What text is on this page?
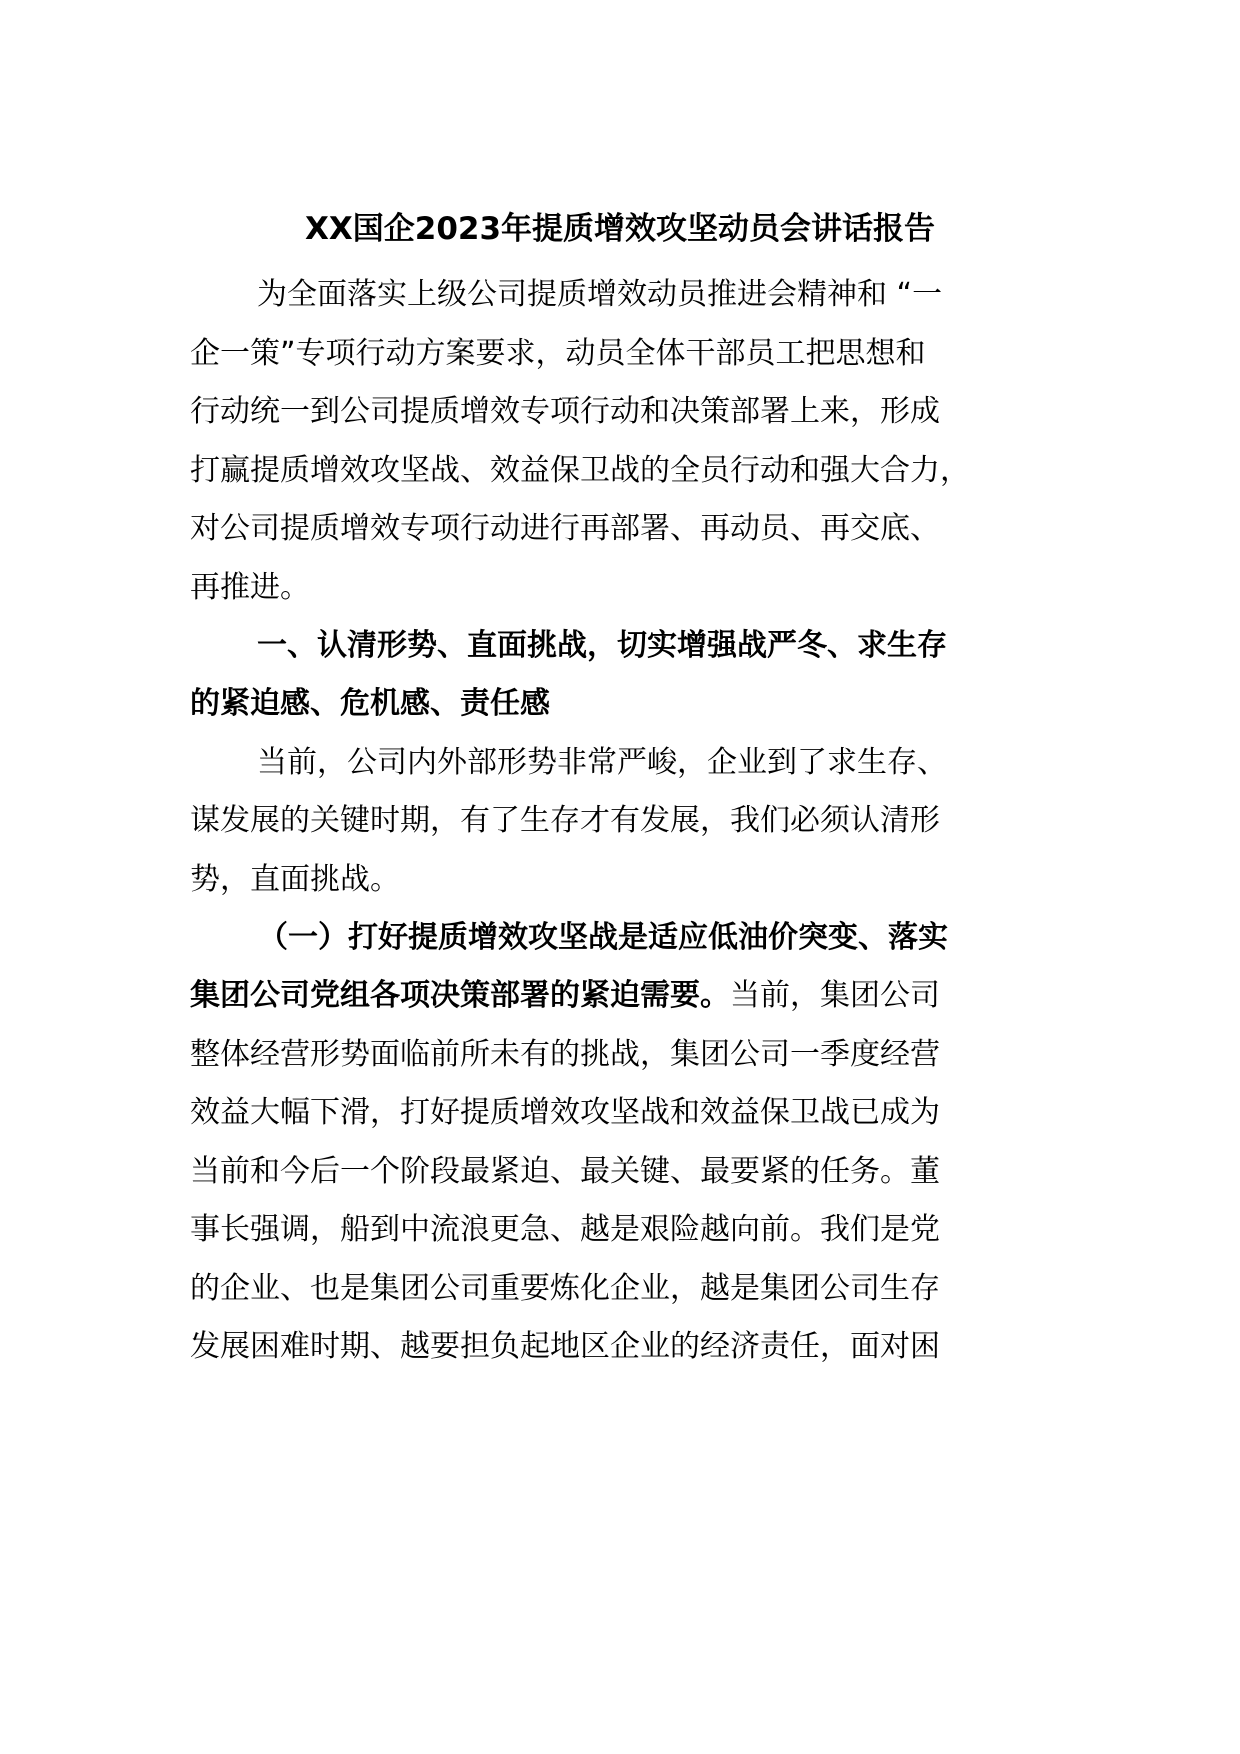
XX国企2023年提质增效攻坚动员会讲话报告
为全面落实上级公司提质增效动员推进会精神和 “一
企一策”专项行动方案要求，动员全体干部员工把思想和
行动统一到公司提质增效专项行动和决策部署上来，形成
打赢提质增效攻坚战、效益保卫战的全员行动和强大合力，
对公司提质增效专项行动进行再部署、再动员、再交底、
再推进。
一、认清形势、直面挑战，切实增强战严冬、求生存
的紧迫感、危机感、责任感
当前，公司内外部形势非常严峻，企业到了求生存、
谋发展的关键时期，有了生存才有发展，我们必须认清形
势，直面挑战。
（一）打好提质增效攻坚战是适应低油价突变、落实
集团公司党组各项决策部署的紧迫需要。当前，集团公司
整体经营形势面临前所未有的挑战，集团公司一季度经营
效益大幅下滑，打好提质增效攻坚战和效益保卫战已成为
当前和今后一个阶段最紧迫、最关键、最要紧的任务。董
事长强调，船到中流浪更急、越是艰险越向前。我们是党
的企业、也是集团公司重要炼化企业，越是集团公司生存
发展困难时期、越要担负起地区企业的经济责任，面对困
